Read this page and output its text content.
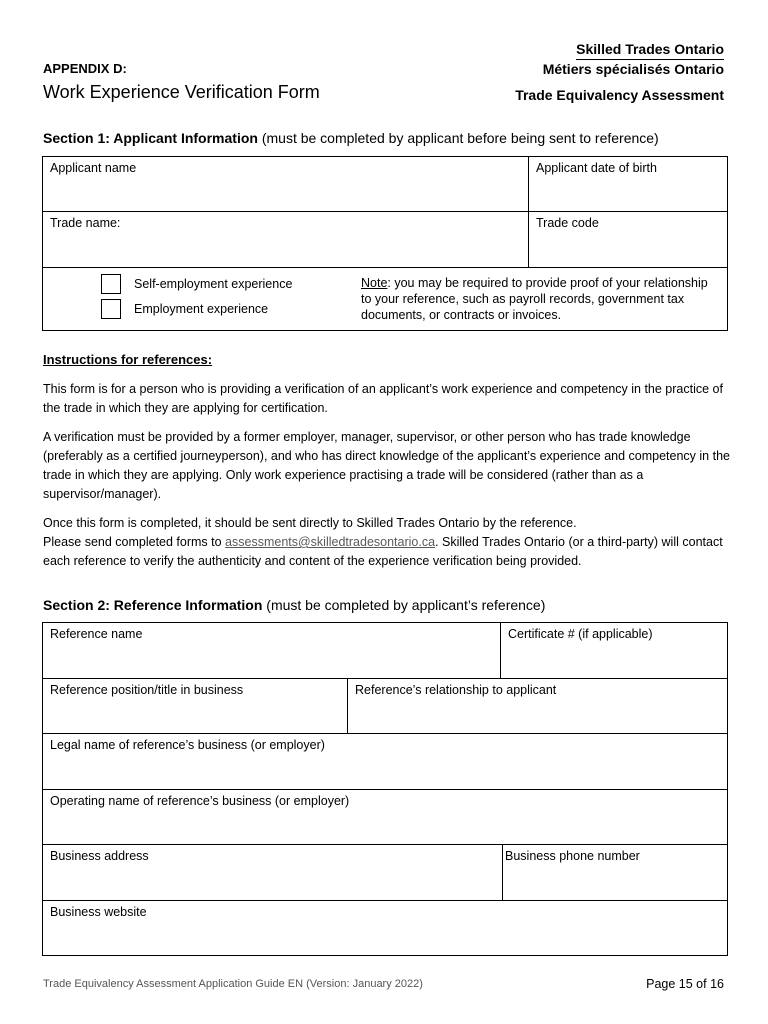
APPENDIX D:
Work Experience Verification Form
Skilled Trades Ontario
Métiers spécialisés Ontario
Trade Equivalency Assessment
Section 1: Applicant Information (must be completed by applicant before being sent to reference)
Applicant name	Applicant date of birth
Trade name:	Trade code

Self-employment experience
Employment experience
Note: you may be required to provide proof of your relationship to your reference, such as payroll records, government tax documents, or contracts or invoices.	
Instructions for references:
This form is for a person who is providing a verification of an applicant’s work experience and competency in the practice of the trade in which they are applying for certification.
A verification must be provided by a former employer, manager, supervisor, or other person who has trade knowledge (preferably as a certified journeyperson), and who has direct knowledge of the applicant’s experience and competency in the trade in which they are applying. Only work experience practising a trade will be considered (rather than as a supervisor/manager).
Once this form is completed, it should be sent directly to Skilled Trades Ontario by the reference.
Please send completed forms to assessments@skilledtradesontario.ca. Skilled Trades Ontario (or a third-party) will contact each reference to verify the authenticity and content of the experience verification being provided.
Section 2: Reference Information (must be completed by applicant’s reference)
Reference name		Certificate # (if applicable)	
Reference position/title in business	Reference’s relationship to applicant		
Legal name of reference’s business (or employer)			
Operating name of reference’s business (or employer)			
Business address			Business phone number
Business website			
Trade Equivalency Assessment Application Guide EN (Version: January 2022)	Page 15 of 16
